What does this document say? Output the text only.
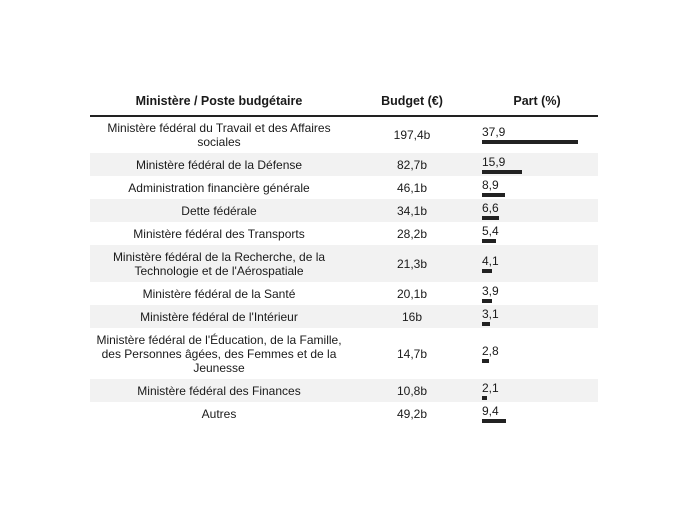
Ministère / Poste budgétaire	Budget (€)	Part (%)
Ministère fédéral du Travail et des Affaires sociales	197,4b	37,9

Ministère fédéral de la Défense	82,7b	15,9

Administration financière générale	46,1b	8,9

Dette fédérale	34,1b	6,6

Ministère fédéral des Transports	28,2b	5,4

Ministère fédéral de la Recherche, de la Technologie et de l'Aérospatiale	21,3b	4,1

Ministère fédéral de la Santé	20,1b	3,9

Ministère fédéral de l'Intérieur	16b	3,1

Ministère fédéral de l'Éducation, de la Famille, des Personnes âgées, des Femmes et de la Jeunesse	14,7b	2,8

Ministère fédéral des Finances	10,8b	2,1

Autres	49,2b	9,4
